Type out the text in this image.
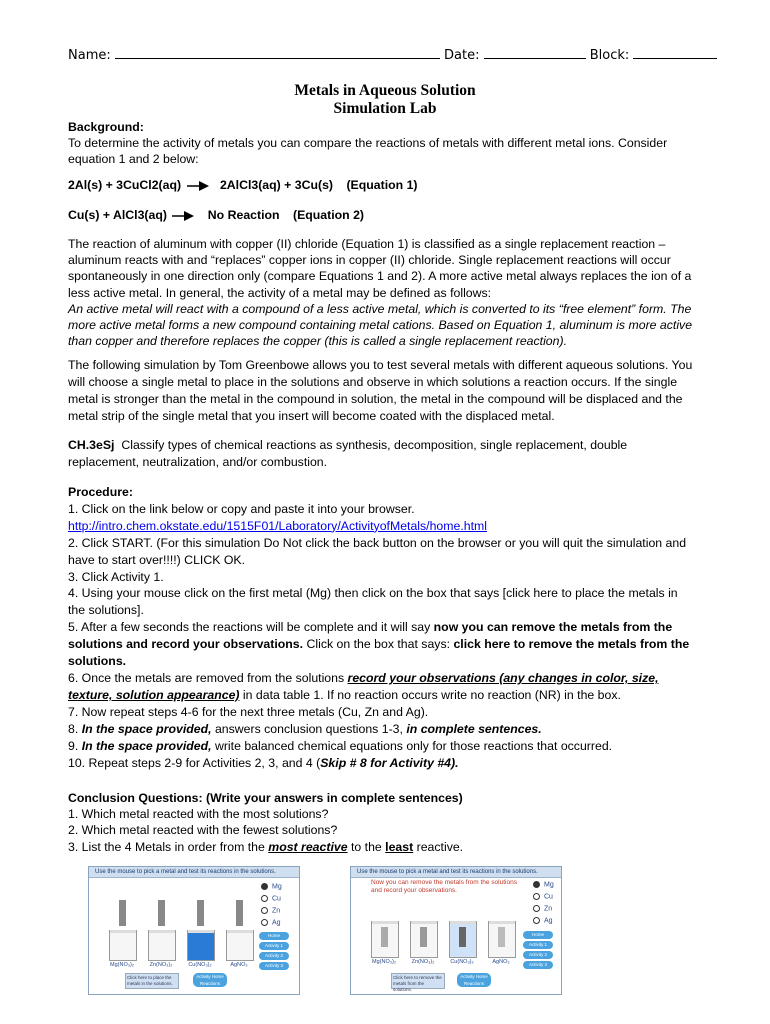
Name:	Date:	Block:
Metals in Aqueous Solution
Simulation Lab
Background:
To determine the activity of metals you can compare the reactions of metals with different metal ions. Consider equation 1 and 2 below:
2Al(s) + 3CuCl2(aq)	2AlCl3(aq) + 3Cu(s) (Equation 1)
Cu(s) + AlCl3(aq)	No Reaction (Equation 2)
The reaction of aluminum with copper (II) chloride (Equation 1) is classified as a single replacement reaction – aluminum reacts with and “replaces” copper ions in copper (II) chloride. Single replacement reactions will occur spontaneously in one direction only (compare Equations 1 and 2). A more active metal always replaces the ion of a less active metal. In general, the activity of a metal may be defined as follows:
An active metal will react with a compound of a less active metal, which is converted to its “free element” form. The more active metal forms a new compound containing metal cations. Based on Equation 1, aluminum is more active than copper and therefore replaces the copper (this is called a single replacement reaction).
The following simulation by Tom Greenbowe allows you to test several metals with different aqueous solutions. You will choose a single metal to place in the solutions and observe in which solutions a reaction occurs. If the single metal is stronger than the metal in the compound in solution, the metal in the compound will be displaced and the metal strip of the single metal that you insert will become coated with the displaced metal.
CH.3eSj Classify types of chemical reactions as synthesis, decomposition, single replacement, double replacement, neutralization, and/or combustion.
Procedure:
1. Click on the link below or copy and paste it into your browser.
http://intro.chem.okstate.edu/1515F01/Laboratory/ActivityofMetals/home.html
2. Click START. (For this simulation Do Not click the back button on the browser or you will quit the simulation and have to start over!!!!) CLICK OK.
3. Click Activity 1.
4. Using your mouse click on the first metal (Mg) then click on the box that says [click here to place the metals in the solutions].
5. After a few seconds the reactions will be complete and it will say now you can remove the metals from the solutions and record your observations. Click on the box that says: click here to remove the metals from the solutions.
6. Once the metals are removed from the solutions record your observations (any changes in color, size, texture, solution appearance) in data table 1. If no reaction occurs write no reaction (NR) in the box.
7. Now repeat steps 4-6 for the next three metals (Cu, Zn and Ag).
8. In the space provided, answers conclusion questions 1-3, in complete sentences.
9. In the space provided, write balanced chemical equations only for those reactions that occurred.
10. Repeat steps 2-9 for Activities 2, 3, and 4 (Skip # 8 for Activity #4).
Conclusion Questions: (Write your answers in complete sentences)
1. Which metal reacted with the most solutions?
2. Which metal reacted with the fewest solutions?
3. List the 4 Metals in order from the most reactive to the least reactive.
Use the mouse to pick a metal and test its reactions in the solutions.
Mg
Cu
Zn
Ag
Mg(NO₃)₂	Zn(NO₃)₂	Cu(NO₃)₂	AgNO₃
Home
Activity 1
Activity 2
Activity 3
Click here to place the metals in the solutions.
Activity Home Reactions
Use the mouse to pick a metal and test its reactions in the solutions.
Now you can remove the metals from the solutions and record your observations.
Mg
Cu
Zn
Ag
Mg(NO₃)₂	Zn(NO₃)₂	Cu(NO₃)₂	AgNO₃
Home
Activity 1
Activity 2
Activity 3
Click here to remove the metals from the solutions.
Activity Home Reactions
